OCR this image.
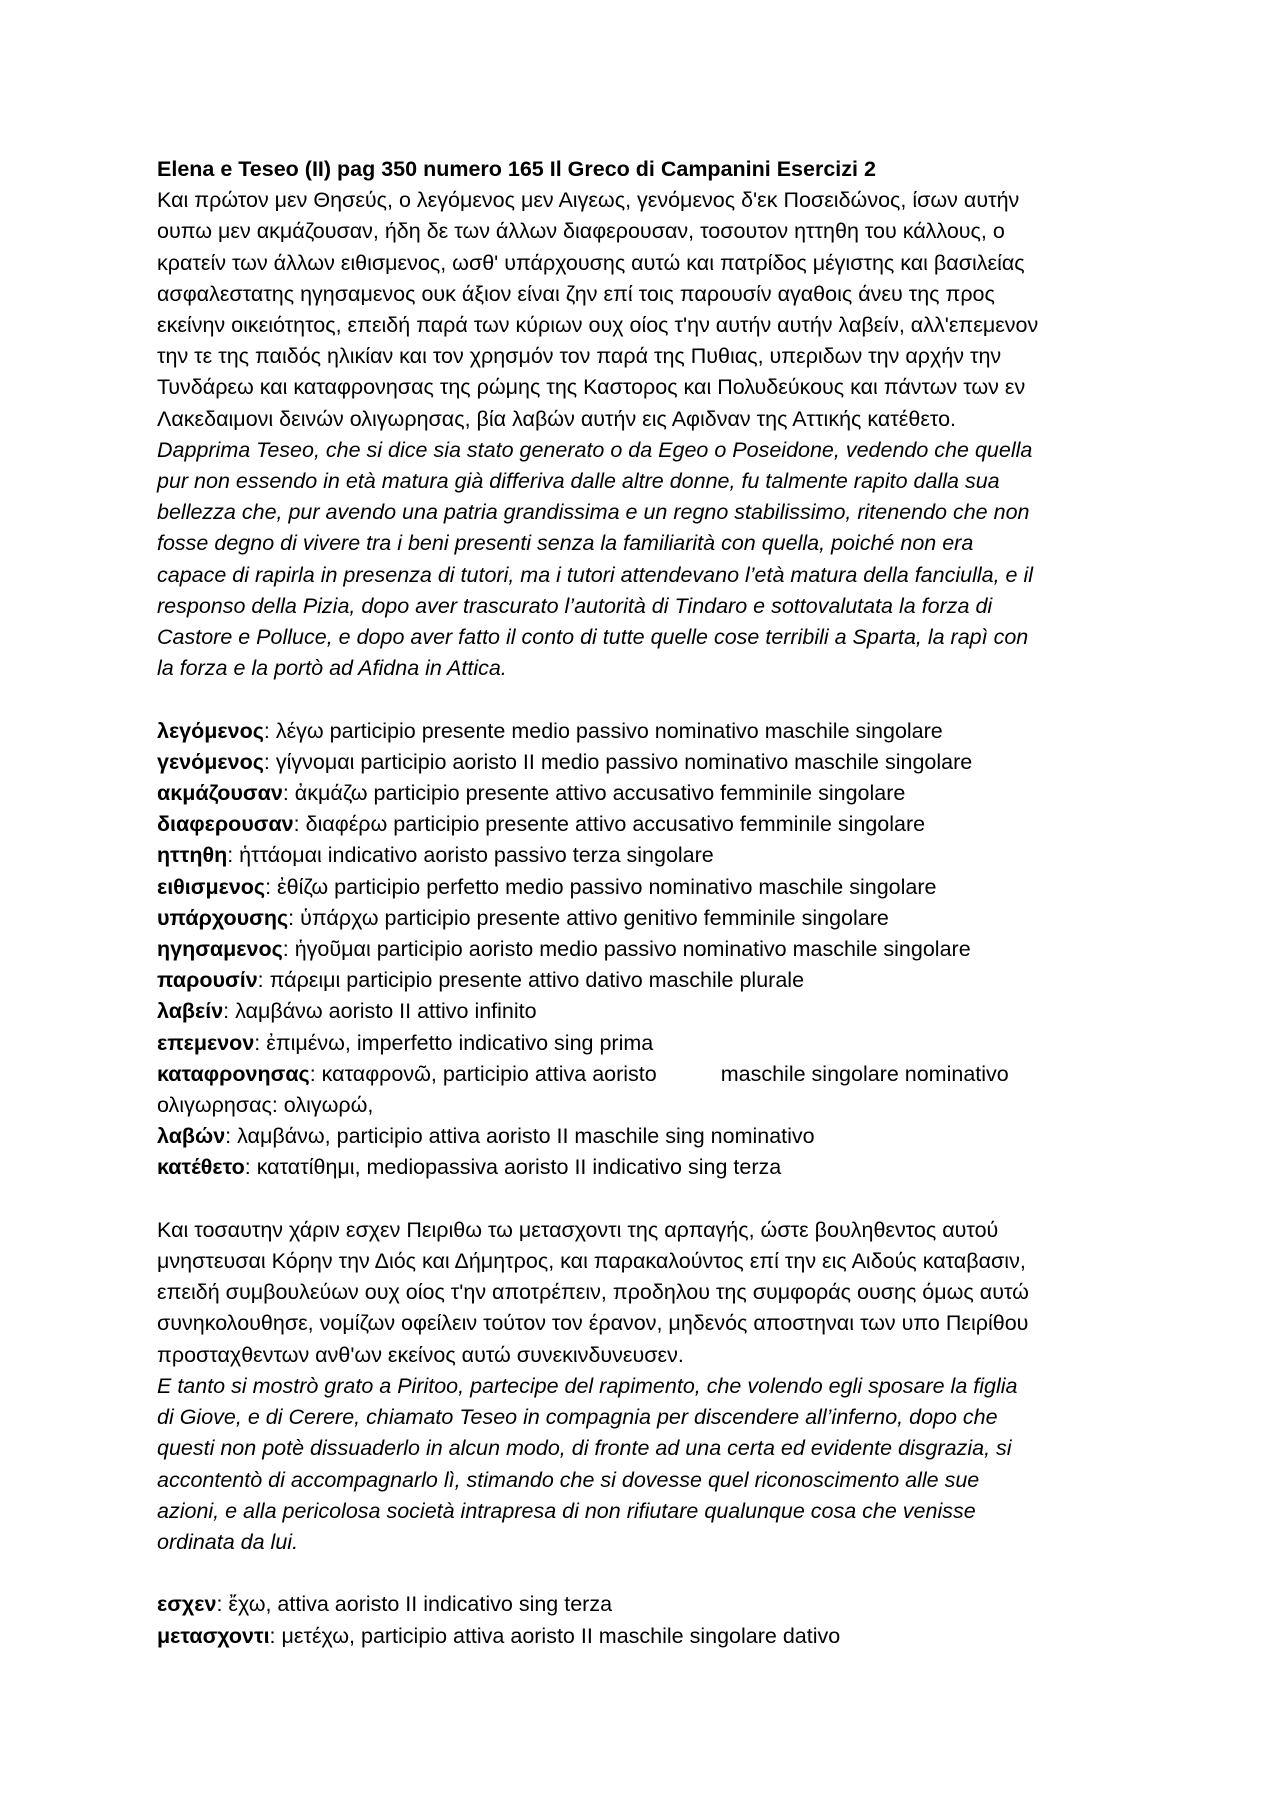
Elena e Teseo (II) pag 350 numero 165 Il Greco di Campanini Esercizi 2
Και πρώτον μεν Θησεύς, ο λεγόμενος μεν Αιγεως, γενόμενος δ'εκ Ποσειδώνος, ίσων αυτήν
ουπω μεν ακμάζουσαν, ήδη δε των άλλων διαφερουσαν, τοσουτον ηττηθη του κάλλους, ο
κρατείν των άλλων ειθισμενος, ωσθ' υπάρχουσης αυτώ και πατρίδος μέγιστης και βασιλείας
ασφαλεστατης ηγησαμενος ουκ άξιον είναι ζην επί τοις παρουσίν αγαθοις άνευ της προς
εκείνην οικειότητος, επειδή παρά των κύριων ουχ οίος τ'ην αυτήν αυτήν λαβείν, αλλ'επεμενον
την τε της παιδός ηλικίαν και τον χρησμόν τον παρά της Πυθιας, υπεριδων την αρχήν την
Τυνδάρεω και καταφρονησας της ρώμης της Καστορος και Πολυδεύκους και πάντων των εν
Λακεδαιμονι δεινών ολιγωρησας, βία λαβών αυτήν εις Αφιδναν της Αττικής κατέθετο.
Dapprima Teseo, che si dice sia stato generato o da Egeo o Poseidone, vedendo che quella
pur non essendo in età matura già differiva dalle altre donne, fu talmente rapito dalla sua
bellezza che, pur avendo una patria grandissima e un regno stabilissimo, ritenendo che non
fosse degno di vivere tra i beni presenti senza la familiarità con quella, poiché non era
capace di rapirla in presenza di tutori, ma i tutori attendevano l’età matura della fanciulla, e il
responso della Pizia, dopo aver trascurato l’autorità di Tindaro e sottovalutata la forza di
Castore e Polluce, e dopo aver fatto il conto di tutte quelle cose terribili a Sparta, la rapì con
la forza e la portò ad Afidna in Attica.
λεγόμενος: λέγω participio presente medio passivo nominativo maschile singolare
γενόμενος: γίγνομαι participio aoristo II medio passivo nominativo maschile singolare
ακμάζουσαν: ἀκμάζω participio presente attivo accusativo femminile singolare
διαφερουσαν: διαφέρω participio presente attivo accusativo femminile singolare
ηττηθη: ἡττάομαι indicativo aoristo passivo terza singolare
ειθισμενος: ἐθίζω participio perfetto medio passivo nominativo maschile singolare
υπάρχουσης: ὑπάρχω participio presente attivo genitivo femminile singolare
ηγησαμενος: ἡγοῦμαι participio aoristo medio passivo nominativo maschile singolare
παρουσίν: πάρειμι participio presente attivo dativo maschile plurale
λαβείν: λαμβάνω aoristo II attivo infinito
επεμενον: ἐπιμένω, imperfetto indicativo sing prima
καταφρονησας: καταφρονῶ, participio attiva aoristo	maschile singolare nominativo
ολιγωρησας: ολιγωρώ,
λαβών: λαμβάνω, participio attiva aoristo II maschile sing nominativo
κατέθετο: κατατίθημι, mediopassiva aoristo II indicativo sing terza
Και τοσαυτην χάριν εσχεν Πειριθω τω μετασχοντι της αρπαγής, ώστε βουληθεντος αυτού
μνηστευσαι Κόρην την Διός και Δήμητρος, και παρακαλούντος επί την εις Αιδούς καταβασιν,
επειδή συμβουλεύων ουχ οίος τ'ην αποτρέπειν, προδηλου της συμφοράς ουσης όμως αυτώ
συνηκολουθησε, νομίζων οφείλειν τούτον τον έρανον, μηδενός αποστηναι των υπο Πειρίθου
προσταχθεντων ανθ'ων εκείνος αυτώ συνεκινδυνευσεν.
E tanto si mostrò grato a Piritoo, partecipe del rapimento, che volendo egli sposare la figlia
di Giove, e di Cerere, chiamato Teseo in compagnia per discendere all’inferno, dopo che
questi non potè dissuaderlo in alcun modo, di fronte ad una certa ed evidente disgrazia, si
accontentò di accompagnarlo lì, stimando che si dovesse quel riconoscimento alle sue
azioni, e alla pericolosa società intrapresa di non rifiutare qualunque cosa che venisse
ordinata da lui.
εσχεν: ἔχω, attiva aoristo II indicativo sing terza
μετασχοντι: μετέχω, participio attiva aoristo II maschile singolare dativo
